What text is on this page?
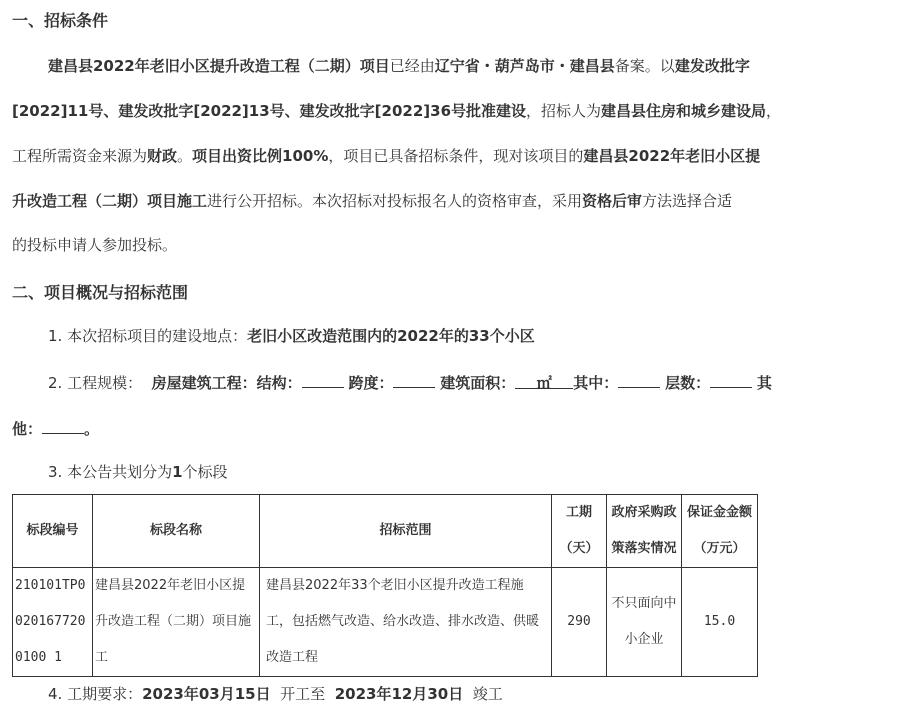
一、招标条件
建昌县2022年老旧小区提升改造工程（二期）项目已经由辽宁省・葫芦岛市・建昌县备案。以建发改批字
[2022]11号、建发改批字[2022]13号、建发改批字[2022]36号批准建设，招标人为建昌县住房和城乡建设局，
工程所需资金来源为财政。项目出资比例100%，项目已具备招标条件，现对该项目的建昌县2022年老旧小区提
升改造工程（二期）项目施工进行公开招标。本次招标对投标报名人的资格审查，采用资格后审方法选择合适
的投标申请人参加投标。
二、项目概况与招标范围
1. 本次招标项目的建设地点：老旧小区改造范围内的2022年的33个小区
2. 工程规模： 房屋建筑工程：结构：	跨度：	建筑面积： ㎡ 其中：	层数：	其
他：	。
3. 本公告共划分为1个标段
标段编号	标段名称	招标范围	工期（天）	政府采购政策落实情况	保证金金额（万元）
210101TP00201677200100 1	建昌县2022年老旧小区提升改造工程（二期）项目施工	建昌县2022年33个老旧小区提升改造工程施工，包括燃气改造、给水改造、排水改造、供暖改造工程	290	不只面向中小企业	15.0
4. 工期要求：2023年03月15日 开工至 2023年12月30日 竣工
